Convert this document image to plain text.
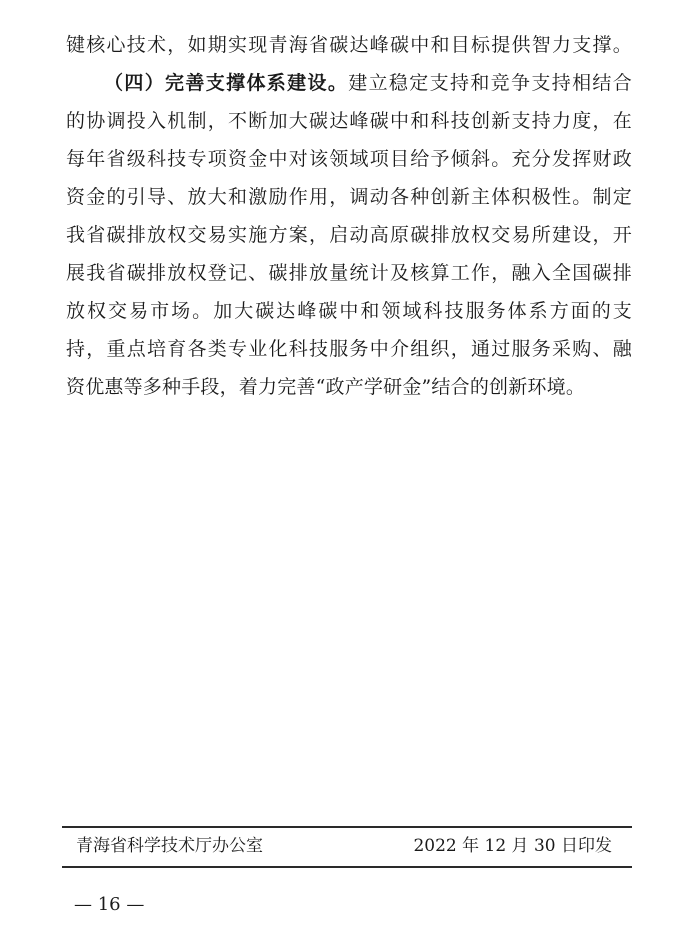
键核心技术，如期实现青海省碳达峰碳中和目标提供智力支撑。
（四）完善支撑体系建设。建立稳定支持和竞争支持相结合
的协调投入机制，不断加大碳达峰碳中和科技创新支持力度，在
每年省级科技专项资金中对该领域项目给予倾斜。充分发挥财政
资金的引导、放大和激励作用，调动各种创新主体积极性。制定
我省碳排放权交易实施方案，启动高原碳排放权交易所建设，开
展我省碳排放权登记、碳排放量统计及核算工作，融入全国碳排
放权交易市场。加大碳达峰碳中和领域科技服务体系方面的支
持，重点培育各类专业化科技服务中介组织，通过服务采购、融
资优惠等多种手段，着力完善“政产学研金”结合的创新环境。
青海省科学技术厅办公室	2022 年 12 月 30 日印发
— 16 —
